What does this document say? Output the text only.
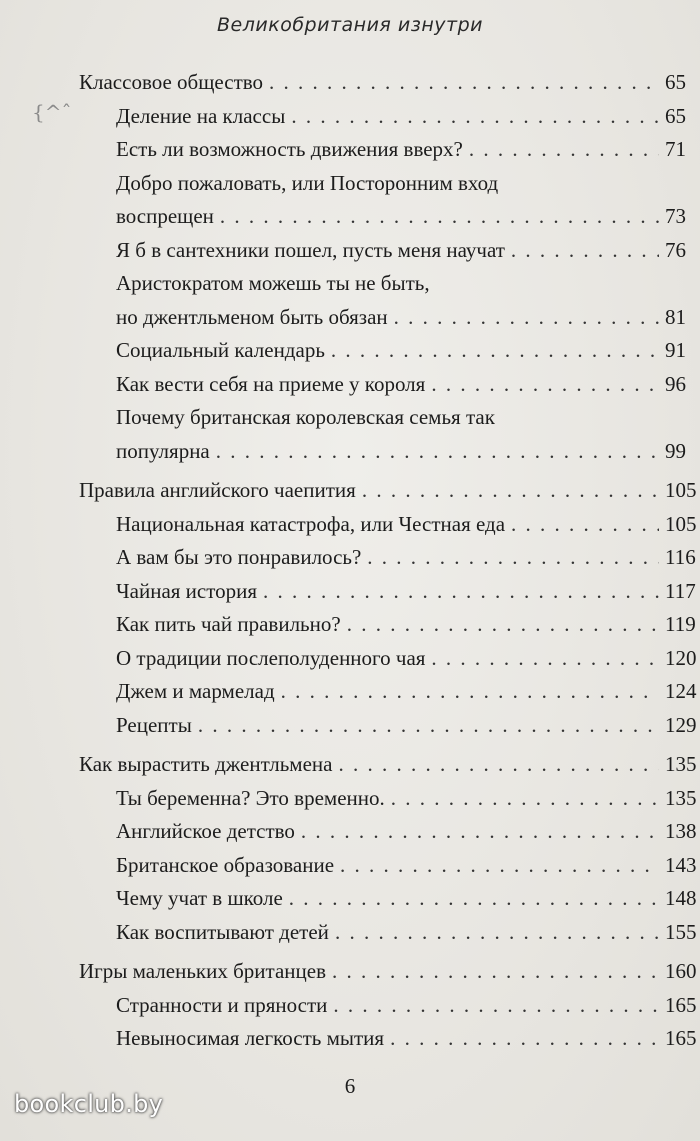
Великобритания изнутри
{^ˆ
Классовое общество . . .	65
Деление на классы . . .	65
Есть ли возможность движения вверх? . . .	71
Добро пожаловать, или Посторонним вход
воспрещен . . .	73
Я б в сантехники пошел, пусть меня научат . . .	76
Аристократом можешь ты не быть,
но джентльменом быть обязан . . .	81
Социальный календарь . . .	91
Как вести себя на приеме у короля . . .	96
Почему британская королевская семья так
популярна . . .	99
Правила английского чаепития . . .	105
Национальная катастрофа, или Честная еда . . .	105
А вам бы это понравилось? . . .	116
Чайная история . . .	117
Как пить чай правильно? . . .	119
О традиции послеполуденного чая . . .	120
Джем и мармелад . . .	124
Рецепты . . .	129
Как вырастить джентльмена . . .	135
Ты беременна? Это временно. . . .	135
Английское детство . . .	138
Британское образование . . .	143
Чему учат в школе . . .	148
Как воспитывают детей . . .	155
Игры маленьких британцев . . .	160
Странности и пряности . . .	165
Невыносимая легкость мытия . . .	165
6
bookclub.by
